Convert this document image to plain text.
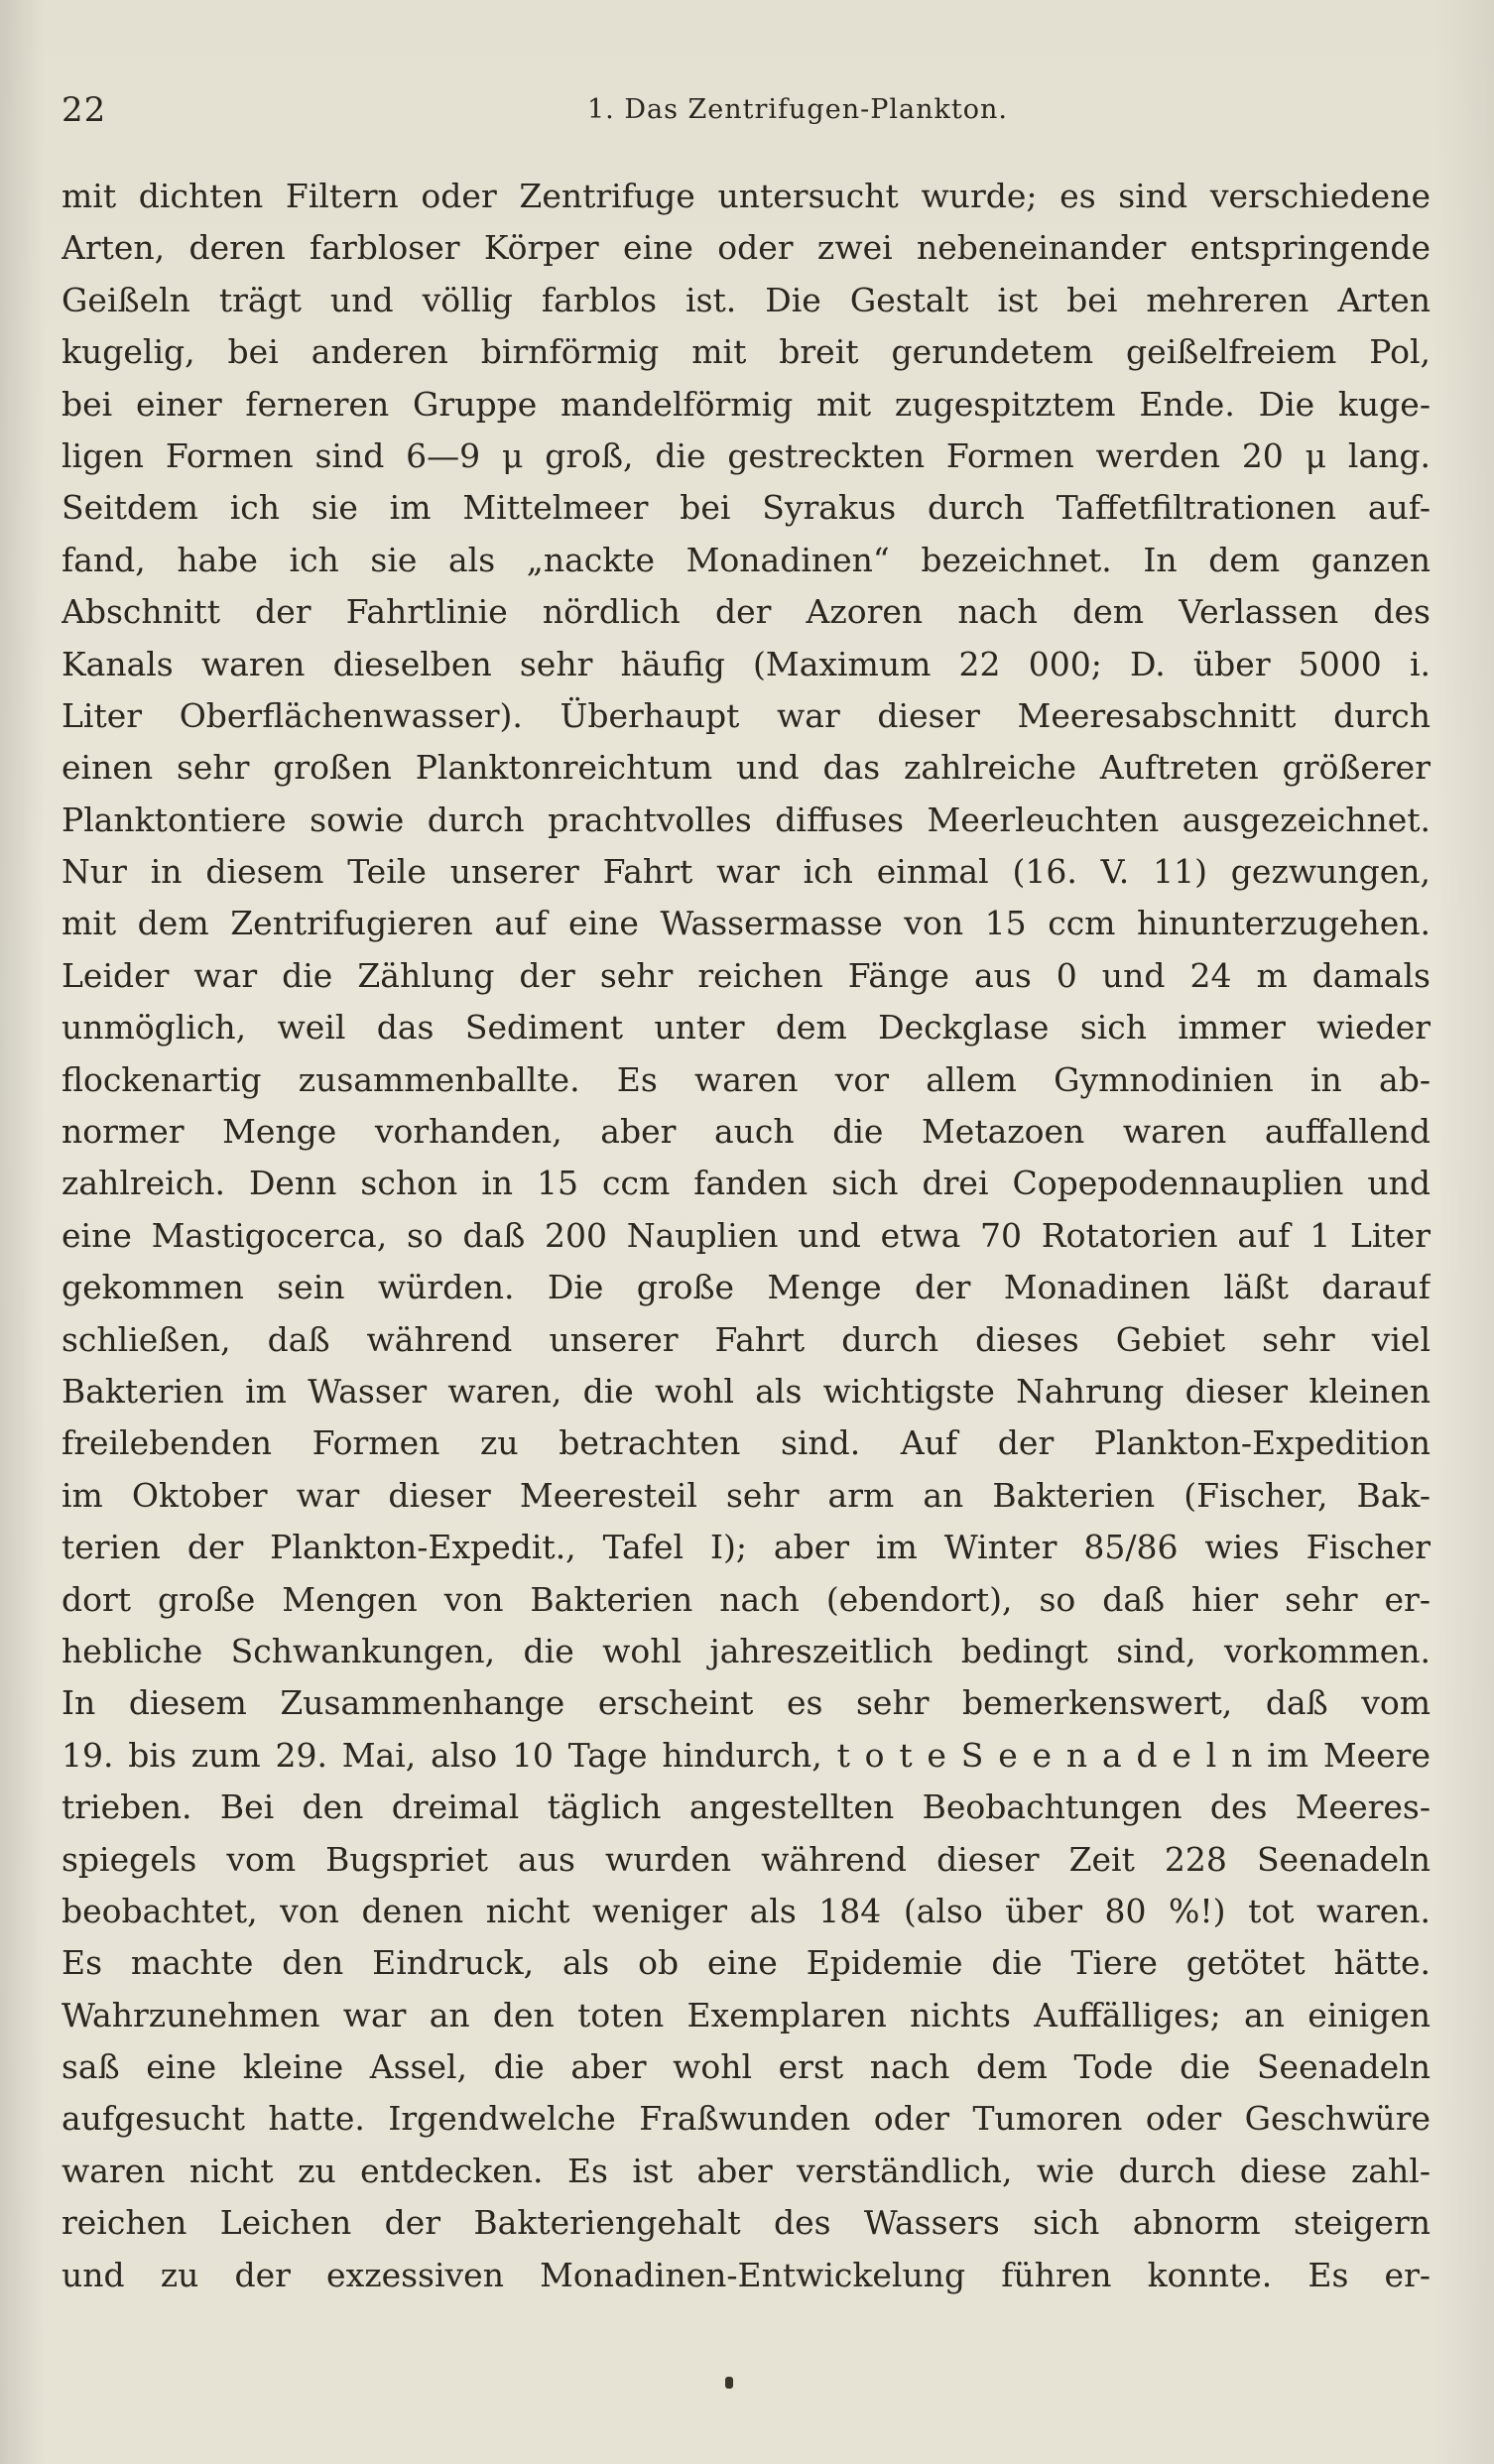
22	1. Das Zentrifugen-Plankton.
mit dichten Filtern oder Zentrifuge untersucht wurde; es sind verschiedene
Arten, deren farbloser Körper eine oder zwei nebeneinander entspringende
Geißeln trägt und völlig farblos ist. Die Gestalt ist bei mehreren Arten
kugelig, bei anderen birnförmig mit breit gerundetem geißelfreiem Pol,
bei einer ferneren Gruppe mandelförmig mit zugespitztem Ende. Die kuge-
ligen Formen sind 6—9 μ groß, die gestreckten Formen werden 20 μ lang.
Seitdem ich sie im Mittelmeer bei Syrakus durch Taffetfiltrationen auf-
fand, habe ich sie als „nackte Monadinen“ bezeichnet. In dem ganzen
Abschnitt der Fahrtlinie nördlich der Azoren nach dem Verlassen des
Kanals waren dieselben sehr häufig (Maximum 22 000; D. über 5000 i.
Liter Oberflächenwasser). Überhaupt war dieser Meeresabschnitt durch
einen sehr großen Planktonreichtum und das zahlreiche Auftreten größerer
Planktontiere sowie durch prachtvolles diffuses Meerleuchten ausgezeichnet.
Nur in diesem Teile unserer Fahrt war ich einmal (16. V. 11) gezwungen,
mit dem Zentrifugieren auf eine Wassermasse von 15 ccm hinunterzugehen.
Leider war die Zählung der sehr reichen Fänge aus 0 und 24 m damals
unmöglich, weil das Sediment unter dem Deckglase sich immer wieder
flockenartig zusammenballte. Es waren vor allem Gymnodinien in ab-
normer Menge vorhanden, aber auch die Metazoen waren auffallend
zahlreich. Denn schon in 15 ccm fanden sich drei Copepodennauplien und
eine Mastigocerca, so daß 200 Nauplien und etwa 70 Rotatorien auf 1 Liter
gekommen sein würden. Die große Menge der Monadinen läßt darauf
schließen, daß während unserer Fahrt durch dieses Gebiet sehr viel
Bakterien im Wasser waren, die wohl als wichtigste Nahrung dieser kleinen
freilebenden Formen zu betrachten sind. Auf der Plankton-Expedition
im Oktober war dieser Meeresteil sehr arm an Bakterien (Fischer, Bak-
terien der Plankton-Expedit., Tafel I); aber im Winter 85/86 wies Fischer
dort große Mengen von Bakterien nach (ebendort), so daß hier sehr er-
hebliche Schwankungen, die wohl jahreszeitlich bedingt sind, vorkommen.
In diesem Zusammenhange erscheint es sehr bemerkenswert, daß vom
19. bis zum 29. Mai, also 10 Tage hindurch, t o t e S e e n a d e l n im Meere
trieben. Bei den dreimal täglich angestellten Beobachtungen des Meeres-
spiegels vom Bugspriet aus wurden während dieser Zeit 228 Seenadeln
beobachtet, von denen nicht weniger als 184 (also über 80 %!) tot waren.
Es machte den Eindruck, als ob eine Epidemie die Tiere getötet hätte.
Wahrzunehmen war an den toten Exemplaren nichts Auffälliges; an einigen
saß eine kleine Assel, die aber wohl erst nach dem Tode die Seenadeln
aufgesucht hatte. Irgendwelche Fraßwunden oder Tumoren oder Geschwüre
waren nicht zu entdecken. Es ist aber verständlich, wie durch diese zahl-
reichen Leichen der Bakteriengehalt des Wassers sich abnorm steigern
und zu der exzessiven Monadinen-Entwickelung führen konnte. Es er-
